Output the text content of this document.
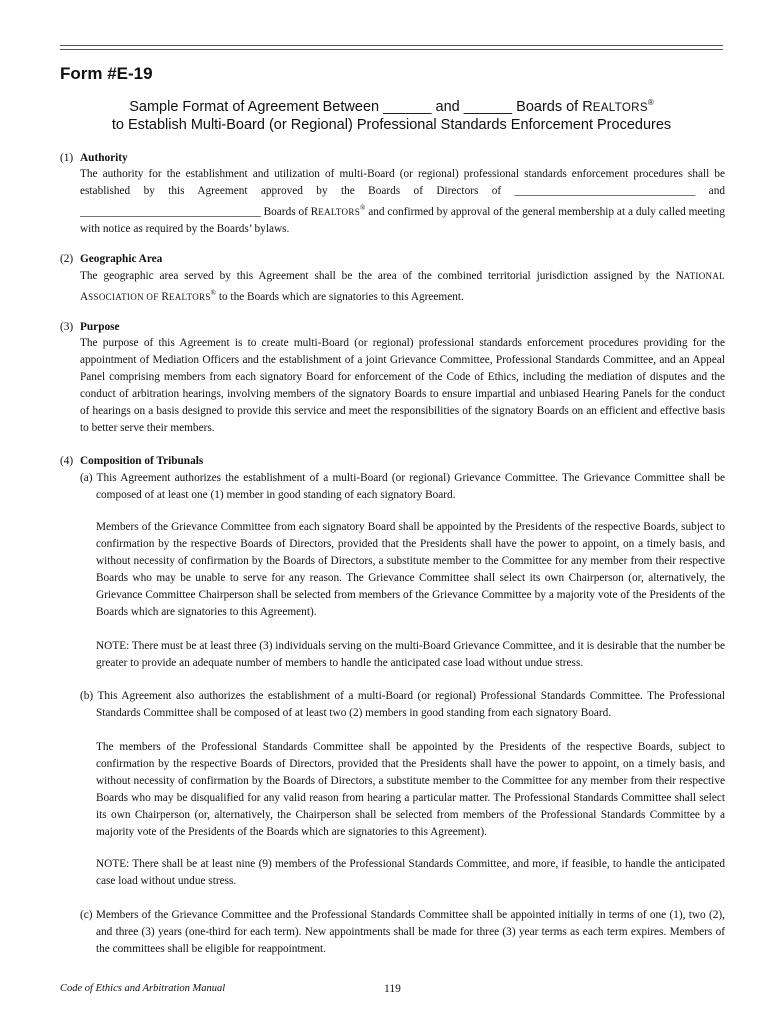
Form #E-19
Sample Format of Agreement Between ______ and ______ Boards of REALTORS®
to Establish Multi-Board (or Regional) Professional Standards Enforcement Procedures
(1) Authority

The authority for the establishment and utilization of multi-Board (or regional) professional standards enforcement procedures shall be established by this Agreement approved by the Boards of Directors of ________________________________ and ________________________________ Boards of REALTORS® and confirmed by approval of the general membership at a duly called meeting with notice as required by the Boards’ bylaws.

(2) Geographic Area

The geographic area served by this Agreement shall be the area of the combined territorial jurisdiction assigned by the NATIONAL ASSOCIATION OF REALTORS® to the Boards which are signatories to this Agreement.

(3) Purpose

The purpose of this Agreement is to create multi-Board (or regional) professional standards enforcement procedures providing for the appointment of Mediation Officers and the establishment of a joint Grievance Committee, Professional Standards Committee, and an Appeal Panel comprising members from each signatory Board for enforcement of the Code of Ethics, including the mediation of disputes and the conduct of arbitration hearings, involving members of the signatory Boards to ensure impartial and unbiased Hearing Panels for the conduct of hearings on a basis designed to provide this service and meet the responsibilities of the signatory Boards on an efficient and effective basis to better serve their members.

(4) Composition of Tribunals

(a) This Agreement authorizes the establishment of a multi-Board (or regional) Grievance Committee. The Grievance Committee shall be composed of at least one (1) member in good standing of each signatory Board.

Members of the Grievance Committee from each signatory Board shall be appointed by the Presidents of the respective Boards, subject to confirmation by the respective Boards of Directors, provided that the Presidents shall have the power to appoint, on a timely basis, and without necessity of confirmation by the Boards of Directors, a substitute member to the Committee for any member from their respective Boards who may be unable to serve for any reason. The Grievance Committee shall select its own Chairperson (or, alternatively, the Grievance Committee Chairperson shall be selected from members of the Grievance Committee by a majority vote of the Presidents of the Boards which are signatories to this Agreement).

NOTE: There must be at least three (3) individuals serving on the multi-Board Grievance Committee, and it is desirable that the number be greater to provide an adequate number of members to handle the anticipated case load without undue stress.

(b) This Agreement also authorizes the establishment of a multi-Board (or regional) Professional Standards Committee. The Professional Standards Committee shall be composed of at least two (2) members in good standing from each signatory Board.

The members of the Professional Standards Committee shall be appointed by the Presidents of the respective Boards, subject to confirmation by the respective Boards of Directors, provided that the Presidents shall have the power to appoint, on a timely basis, and without necessity of confirmation by the Boards of Directors, a substitute member to the Committee for any member from their respective Boards who may be disqualified for any valid reason from hearing a particular matter. The Professional Standards Committee shall select its own Chairperson (or, alternatively, the Chairperson shall be selected from members of the Professional Standards Committee by a majority vote of the Presidents of the Boards which are signatories to this Agreement).

NOTE: There shall be at least nine (9) members of the Professional Standards Committee, and more, if feasible, to handle the anticipated case load without undue stress.

(c) Members of the Grievance Committee and the Professional Standards Committee shall be appointed initially in terms of one (1), two (2), and three (3) years (one-third for each term). New appointments shall be made for three (3) year terms as each term expires. Members of the committees shall be eligible for reappointment.

Code of Ethics and Arbitration Manual	119
